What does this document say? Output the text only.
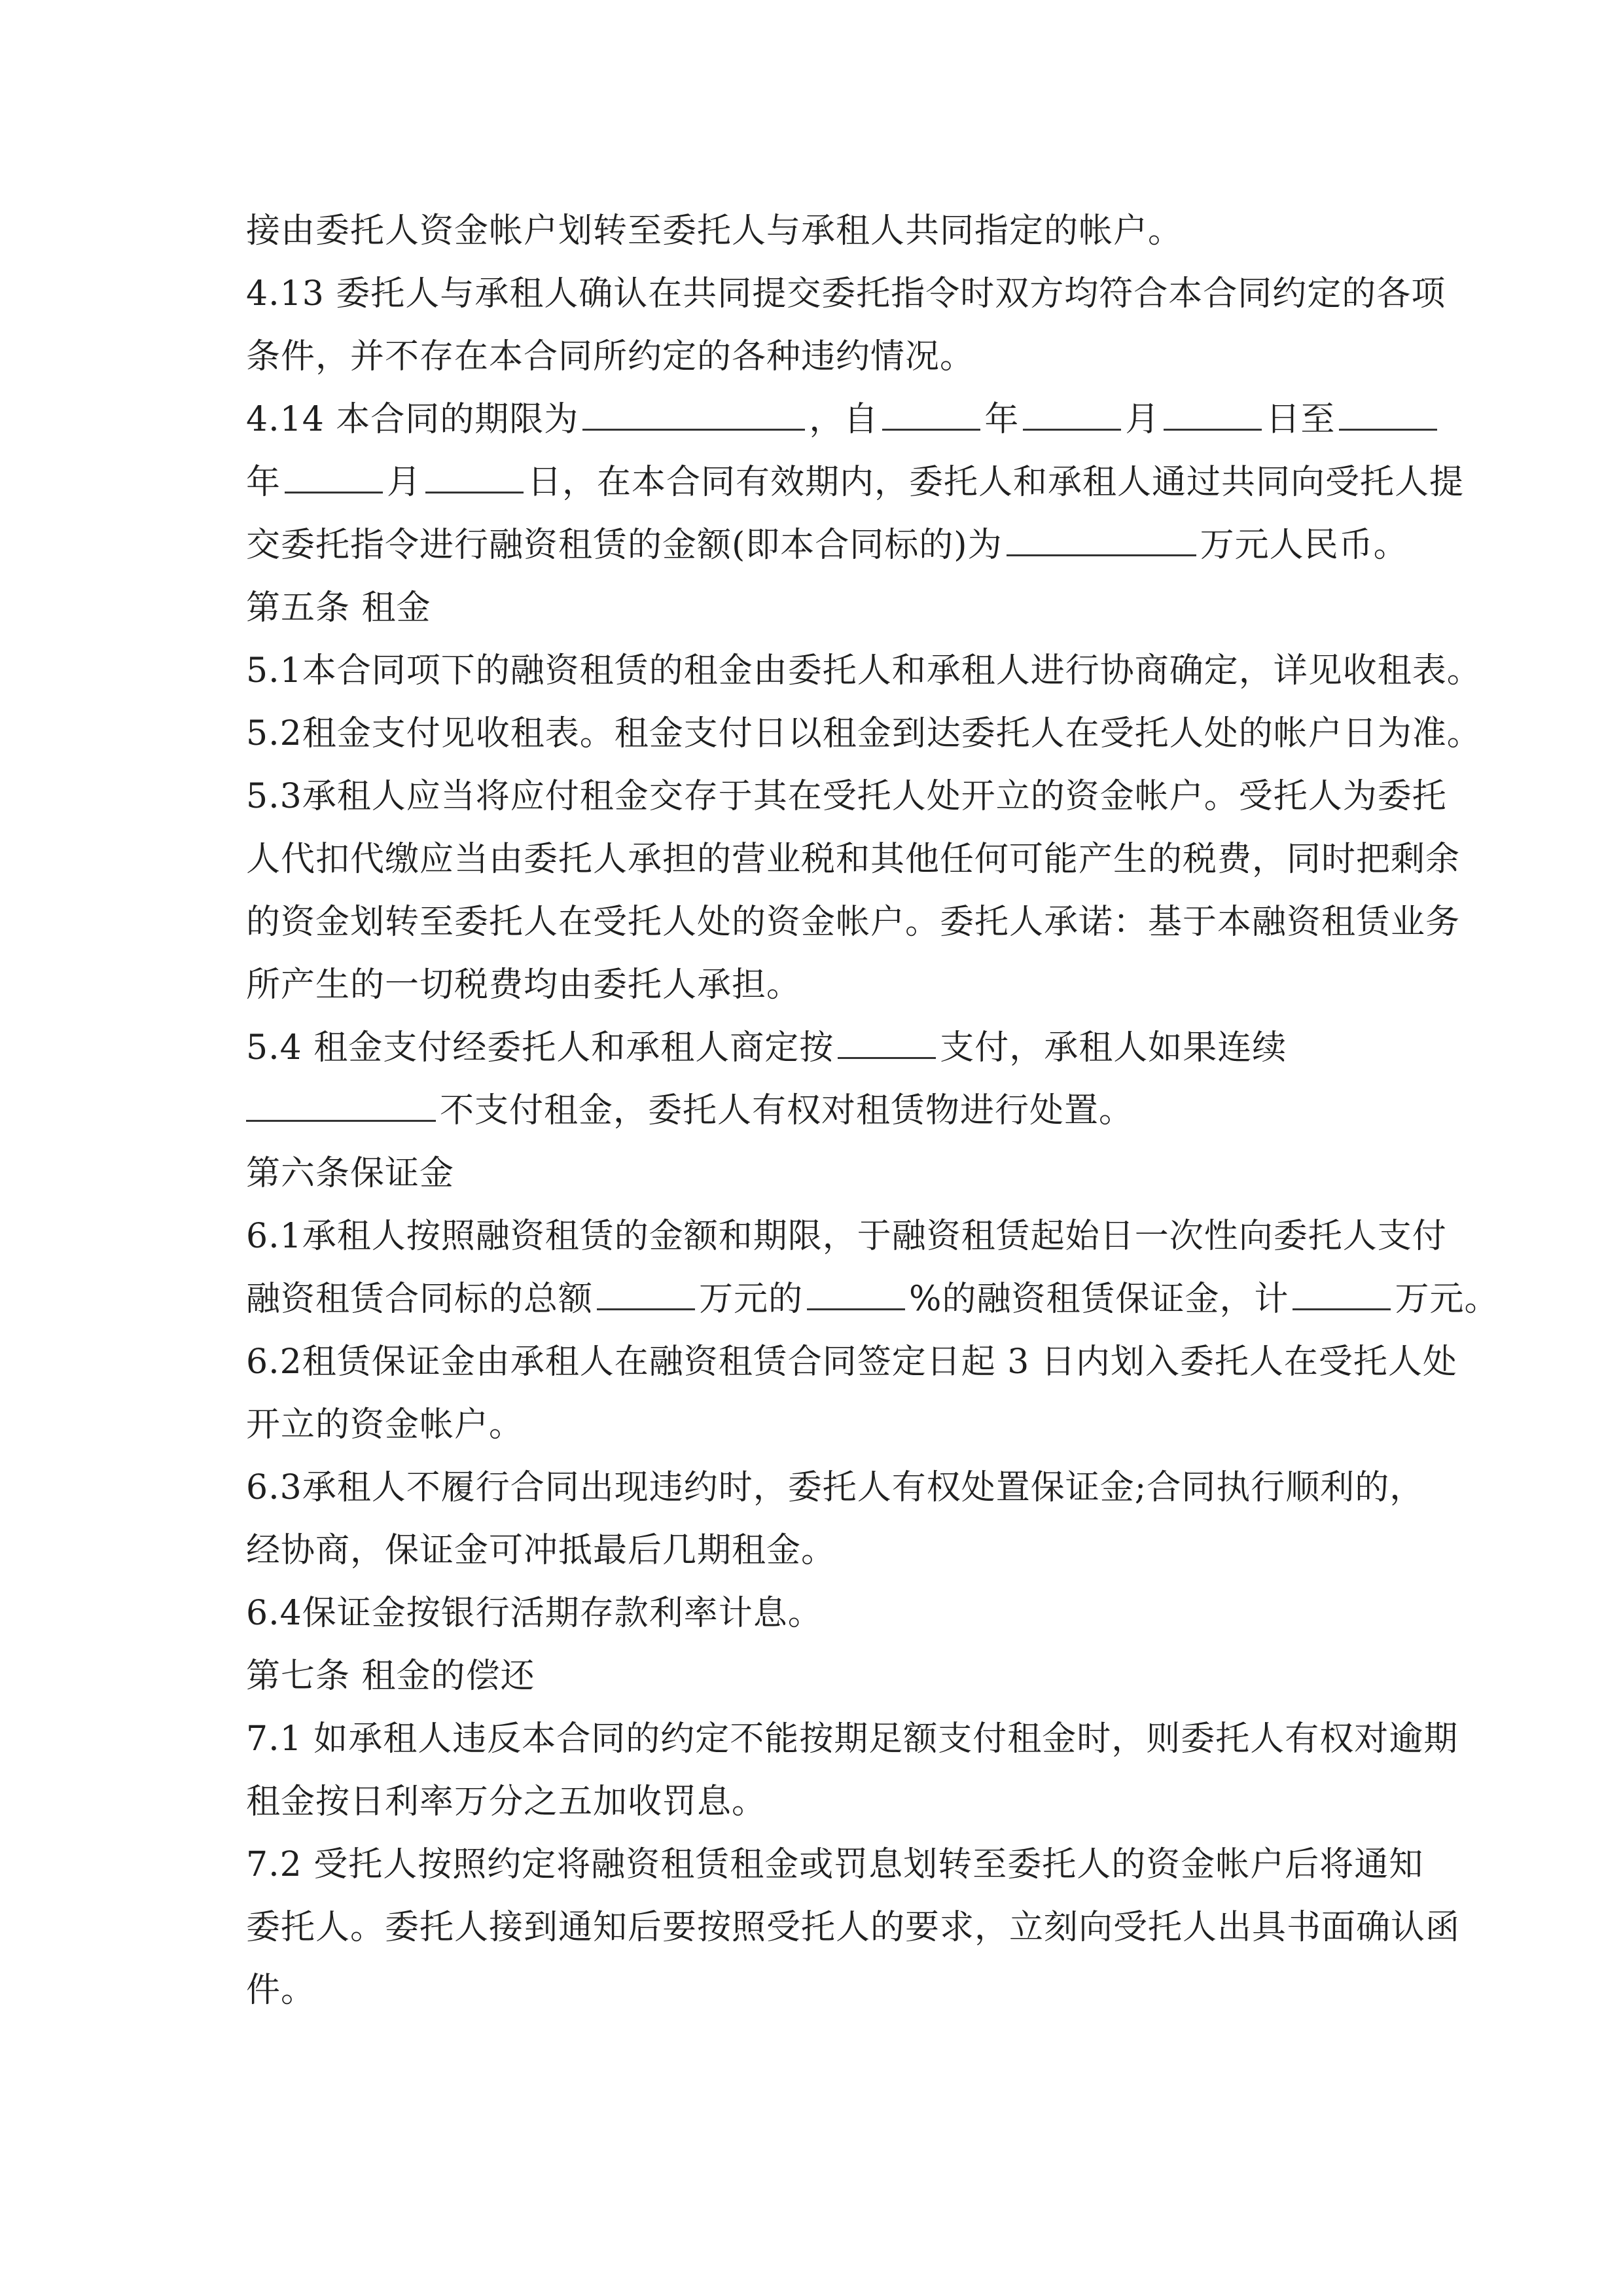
接由委托人资金帐户划转至委托人与承租人共同指定的帐户。
4.13 委托人与承租人确认在共同提交委托指令时双方均符合本合同约定的各项
条件，并不存在本合同所约定的各种违约情况。
4.14 本合同的期限为	，自	年	月	日至
年	月	日，在本合同有效期内，委托人和承租人通过共同向受托人提
交委托指令进行融资租赁的金额(即本合同标的)为	万元人民币。
第五条 租金
5.1本合同项下的融资租赁的租金由委托人和承租人进行协商确定，详见收租表。
5.2租金支付见收租表。租金支付日以租金到达委托人在受托人处的帐户日为准。
5.3承租人应当将应付租金交存于其在受托人处开立的资金帐户。受托人为委托
人代扣代缴应当由委托人承担的营业税和其他任何可能产生的税费，同时把剩余
的资金划转至委托人在受托人处的资金帐户。委托人承诺：基于本融资租赁业务
所产生的一切税费均由委托人承担。
5.4 租金支付经委托人和承租人商定按	支付，承租人如果连续
不支付租金，委托人有权对租赁物进行处置。
第六条保证金
6.1承租人按照融资租赁的金额和期限，于融资租赁起始日一次性向委托人支付
融资租赁合同标的总额	万元的	%的融资租赁保证金，计	万元。
6.2租赁保证金由承租人在融资租赁合同签定日起 3 日内划入委托人在受托人处
开立的资金帐户。
6.3承租人不履行合同出现违约时，委托人有权处置保证金;合同执行顺利的，
经协商，保证金可冲抵最后几期租金。
6.4保证金按银行活期存款利率计息。
第七条 租金的偿还
7.1 如承租人违反本合同的约定不能按期足额支付租金时，则委托人有权对逾期
租金按日利率万分之五加收罚息。
7.2 受托人按照约定将融资租赁租金或罚息划转至委托人的资金帐户后将通知
委托人。委托人接到通知后要按照受托人的要求，立刻向受托人出具书面确认函
件。
